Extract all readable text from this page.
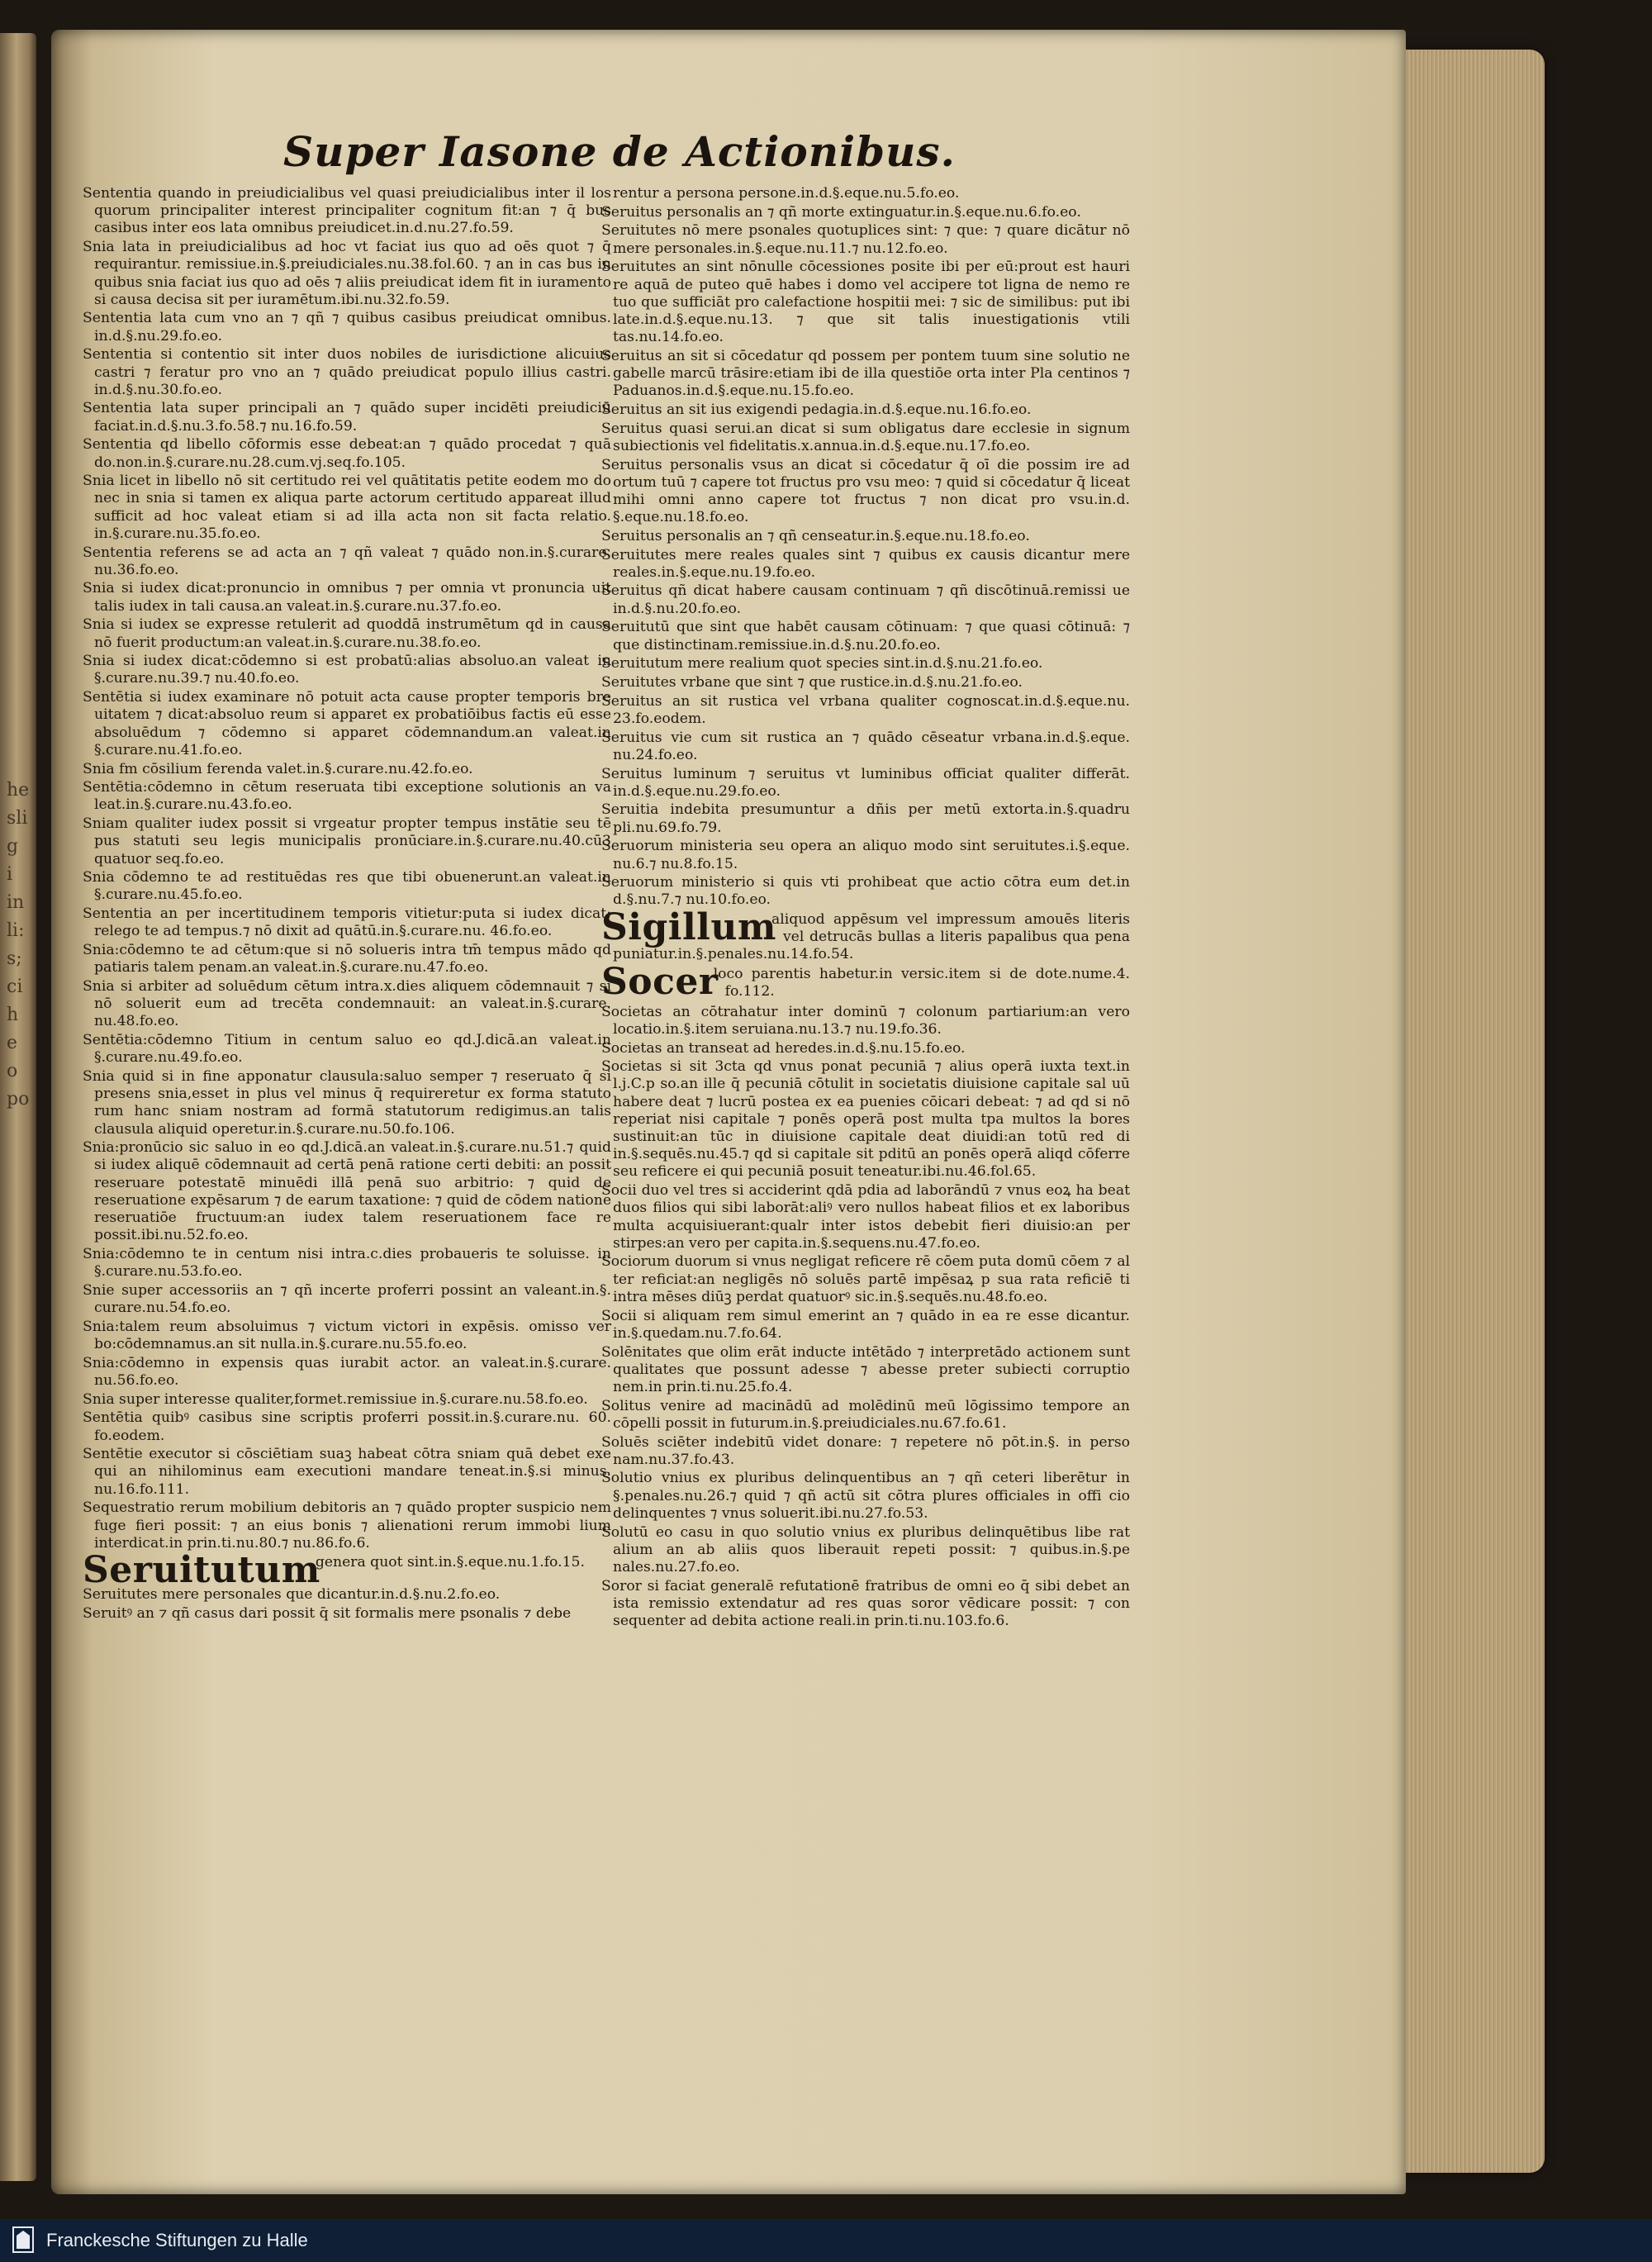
he
sli
g
i
in
li:
s;
ci
h
e
o
po
Super Iasone de Actionibus.
Sententia quando in preiudicialibus vel quasi preiudicialibus inter il los quorum principaliter interest principaliter cognitum fit:an ⁊ q̄ bus casibus inter eos lata omnibus preiudicet.in.d.nu.27.fo.59.
Snia lata in preiudicialibus ad hoc vt faciat ius quo ad oēs quot ⁊ q̄ requirantur. remissiue.in.§.preiudiciales.nu.38.fol.60. ⁊ an in cas bus in quibus snia faciat ius quo ad oēs ⁊ aliis preiudicat idem fit in iuramento si causa decisa sit per iuramētum.ibi.nu.32.fo.59.
Sententia lata cum vno an ⁊ qñ ⁊ quibus casibus preiudicat omnibus. in.d.§.nu.29.fo.eo.
Sententia si contentio sit inter duos nobiles de iurisdictione alicuius castri ⁊ feratur pro vno an ⁊ quādo preiudicat populo illius castri. in.d.§.nu.30.fo.eo.
Sententia lata super principali an ⁊ quādo super incidēti preiudiciū faciat.in.d.§.nu.3.fo.58.⁊ nu.16.fo.59.
Sententia qd libello cōformis esse debeat:an ⁊ quādo procedat ⁊ quā do.non.in.§.curare.nu.28.cum.vj.seq.fo.105.
Snia licet in libello nō sit certitudo rei vel quātitatis petite eodem mo do nec in snia si tamen ex aliqua parte actorum certitudo appareat illud sufficit ad hoc valeat etiam si ad illa acta non sit facta relatio. in.§.curare.nu.35.fo.eo.
Sententia referens se ad acta an ⁊ qñ valeat ⁊ quādo non.in.§.curare. nu.36.fo.eo.
Snia si iudex dicat:pronuncio in omnibus ⁊ per omnia vt pronuncia uit talis iudex in tali causa.an valeat.in.§.curare.nu.37.fo.eo.
Snia si iudex se expresse retulerit ad quoddā instrumētum qd in causa nō fuerit productum:an valeat.in.§.curare.nu.38.fo.eo.
Snia si iudex dicat:cōdemno si est probatū:alias absoluo.an valeat in §.curare.nu.39.⁊ nu.40.fo.eo.
Sentētia si iudex examinare nō potuit acta cause propter temporis bre uitatem ⁊ dicat:absoluo reum si apparet ex probatiōibus factis eū esse absoluēdum ⁊ cōdemno si apparet cōdemnandum.an valeat.in §.curare.nu.41.fo.eo.
Snia fm cōsilium ferenda valet.in.§.curare.nu.42.fo.eo.
Sentētia:cōdemno in cētum reseruata tibi exceptione solutionis an va leat.in.§.curare.nu.43.fo.eo.
Sniam qualiter iudex possit si vrgeatur propter tempus instātie seu tē pus statuti seu legis municipalis pronūciare.in.§.curare.nu.40.cū3 quatuor seq.fo.eo.
Snia cōdemno te ad restituēdas res que tibi obuenerunt.an valeat.in §.curare.nu.45.fo.eo.
Sententia an per incertitudinem temporis vitietur:puta si iudex dicat: relego te ad tempus.⁊ nō dixit ad quātū.in.§.curare.nu. 46.fo.eo.
Snia:cōdemno te ad cētum:que si nō solueris intra tm̄ tempus mādo qd patiaris talem penam.an valeat.in.§.curare.nu.47.fo.eo.
Snia si arbiter ad soluēdum cētum intra.x.dies aliquem cōdemnauit ⁊ si nō soluerit eum ad trecēta condemnauit: an valeat.in.§.curare. nu.48.fo.eo.
Sentētia:cōdemno Titium in centum saluo eo qd.J.dicā.an valeat.in §.curare.nu.49.fo.eo.
Snia quid si in fine apponatur clausula:saluo semper ⁊ reseruato q̄ si presens snia,esset in plus vel minus q̄ requireretur ex forma statuto rum hanc sniam nostram ad formā statutorum redigimus.an talis clausula aliquid operetur.in.§.curare.nu.50.fo.106.
Snia:pronūcio sic saluo in eo qd.J.dicā.an valeat.in.§.curare.nu.51.⁊ quid si iudex aliquē cōdemnauit ad certā penā ratione certi debiti: an possit reseruare potestatē minuēdi illā penā suo arbitrio: ⁊ quid de reseruatione expēsarum ⁊ de earum taxatione: ⁊ quid de cōdem natione reseruatiōe fructuum:an iudex talem reseruationem face re possit.ibi.nu.52.fo.eo.
Snia:cōdemno te in centum nisi intra.c.dies probaueris te soluisse. in §.curare.nu.53.fo.eo.
Snie super accessoriis an ⁊ qñ incerte proferri possint an valeant.in.§. curare.nu.54.fo.eo.
Snia:talem reum absoluimus ⁊ victum victori in expēsis. omisso ver bo:cōdemnamus.an sit nulla.in.§.curare.nu.55.fo.eo.
Snia:cōdemno in expensis quas iurabit actor. an valeat.in.§.curare. nu.56.fo.eo.
Snia super interesse qualiter,formet.remissiue in.§.curare.nu.58.fo.eo.
Sentētia quibꝰ casibus sine scriptis proferri possit.in.§.curare.nu. 60. fo.eodem.
Sentētie executor si cōsciētiam suaꝫ habeat cōtra sniam quā debet exe qui an nihilominus eam executioni mandare teneat.in.§.si minus. nu.16.fo.111.
Sequestratio rerum mobilium debitoris an ⁊ quādo propter suspicio nem fuge fieri possit: ⁊ an eius bonis ⁊ alienationi rerum immobi lium interdicat.in prin.ti.nu.80.⁊ nu.86.fo.6.
Seruitutum
genera quot sint.in.§.eque.nu.1.fo.15.
Seruitutes mere personales que dicantur.in.d.§.nu.2.fo.eo.
Seruitꝰ an ⁊ qñ casus dari possit q̄ sit formalis mere psonalis ⁊ debe
rentur a persona persone.in.d.§.eque.nu.5.fo.eo.
Seruitus personalis an ⁊ qñ morte extinguatur.in.§.eque.nu.6.fo.eo.
Seruitutes nō mere psonales quotuplices sint: ⁊ que: ⁊ quare dicātur nō mere personales.in.§.eque.nu.11.⁊ nu.12.fo.eo.
Seruitutes an sint nōnulle cōcessiones posite ibi per eū:prout est hauri re aquā de puteo quē habes i domo vel accipere tot ligna de nemo re tuo que sufficiāt pro calefactione hospitii mei: ⁊ sic de similibus: put ibi late.in.d.§.eque.nu.13. ⁊ que sit talis inuestigationis vtili tas.nu.14.fo.eo.
Seruitus an sit si cōcedatur qd possem per pontem tuum sine solutio ne gabelle marcū trāsire:etiam ibi de illa questiōe orta inter Pla centinos ⁊ Paduanos.in.d.§.eque.nu.15.fo.eo.
Seruitus an sit ius exigendi pedagia.in.d.§.eque.nu.16.fo.eo.
Seruitus quasi serui.an dicat si sum obligatus dare ecclesie in signum subiectionis vel fidelitatis.x.annua.in.d.§.eque.nu.17.fo.eo.
Seruitus personalis vsus an dicat si cōcedatur q̄ oī die possim ire ad ortum tuū ⁊ capere tot fructus pro vsu meo: ⁊ quid si cōcedatur q̄ liceat mihi omni anno capere tot fructus ⁊ non dicat pro vsu.in.d. §.eque.nu.18.fo.eo.
Seruitus personalis an ⁊ qñ censeatur.in.§.eque.nu.18.fo.eo.
Seruitutes mere reales quales sint ⁊ quibus ex causis dicantur mere reales.in.§.eque.nu.19.fo.eo.
Seruitus qñ dicat habere causam continuam ⁊ qñ discōtinuā.remissi ue in.d.§.nu.20.fo.eo.
Seruitutū que sint que habēt causam cōtinuam: ⁊ que quasi cōtinuā: ⁊ que distinctinam.remissiue.in.d.§.nu.20.fo.eo.
Seruitutum mere realium quot species sint.in.d.§.nu.21.fo.eo.
Seruitutes vrbane que sint ⁊ que rustice.in.d.§.nu.21.fo.eo.
Seruitus an sit rustica vel vrbana qualiter cognoscat.in.d.§.eque.nu. 23.fo.eodem.
Seruitus vie cum sit rustica an ⁊ quādo cēseatur vrbana.in.d.§.eque. nu.24.fo.eo.
Seruitus luminum ⁊ seruitus vt luminibus officiat qualiter differāt. in.d.§.eque.nu.29.fo.eo.
Seruitia indebita presumuntur a dñis per metū extorta.in.§.quadru pli.nu.69.fo.79.
Seruorum ministeria seu opera an aliquo modo sint seruitutes.i.§.eque. nu.6.⁊ nu.8.fo.15.
Seruorum ministerio si quis vti prohibeat que actio cōtra eum det.in d.§.nu.7.⁊ nu.10.fo.eo.
Sigillum
aliquod appēsum vel impressum amouēs literis vel detrucās bullas a literis papalibus qua pena puniatur.in.§.penales.nu.14.fo.54.
Socer
loco parentis habetur.in versic.item si de dote.nume.4. fo.112.
Societas an cōtrahatur inter dominū ⁊ colonum partiarium:an vero locatio.in.§.item seruiana.nu.13.⁊ nu.19.fo.36.
Societas an transeat ad heredes.in.d.§.nu.15.fo.eo.
Societas si sit 3cta qd vnus ponat pecuniā ⁊ alius operā iuxta text.in l.j.C.p so.an ille q̄ pecuniā cōtulit in societatis diuisione capitale sal uū habere deat ⁊ lucrū postea ex ea puenies cōicari debeat: ⁊ ad qd si nō reperiat nisi capitale ⁊ ponēs operā post multa tpa multos la bores sustinuit:an tūc in diuisione capitale deat diuidi:an totū red di in.§.sequēs.nu.45.⁊ qd si capitale sit pditū an ponēs operā aliqd cōferre seu reficere ei qui pecuniā posuit teneatur.ibi.nu.46.fol.65.
Socii duo vel tres si acciderint qdā pdia ad laborāndū ⁊ vnus eoꝝ ha beat duos filios qui sibi laborāt:aliꝰ vero nullos habeat filios et ex laboribus multa acquisiuerant:qualr inter istos debebit fieri diuisio:an per stirpes:an vero per capita.in.§.sequens.nu.47.fo.eo.
Sociorum duorum si vnus negligat reficere rē cōem puta domū cōem ⁊ al ter reficiat:an negligēs nō soluēs partē impēsaꝝ p sua rata reficiē ti intra mēses diūꝫ perdat quatuorꝰ sic.in.§.sequēs.nu.48.fo.eo.
Socii si aliquam rem simul emerint an ⁊ quādo in ea re esse dicantur. in.§.quedam.nu.7.fo.64.
Solēnitates que olim erāt inducte intētādo ⁊ interpretādo actionem sunt qualitates que possunt adesse ⁊ abesse preter subiecti corruptio nem.in prin.ti.nu.25.fo.4.
Solitus venire ad macinādū ad molēdinū meū lōgissimo tempore an cōpelli possit in futurum.in.§.preiudiciales.nu.67.fo.61.
Soluēs sciēter indebitū videt donare: ⁊ repetere nō pōt.in.§. in perso nam.nu.37.fo.43.
Solutio vnius ex pluribus delinquentibus an ⁊ qñ ceteri liberētur in §.penales.nu.26.⁊ quid ⁊ qñ actū sit cōtra plures officiales in offi cio delinquentes ⁊ vnus soluerit.ibi.nu.27.fo.53.
Solutū eo casu in quo solutio vnius ex pluribus delinquētibus libe rat alium an ab aliis quos liberauit repeti possit: ⁊ quibus.in.§.pe nales.nu.27.fo.eo.
Soror si faciat generalē refutationē fratribus de omni eo q̄ sibi debet an ista remissio extendatur ad res quas soror vēdicare possit: ⁊ con sequenter ad debita actione reali.in prin.ti.nu.103.fo.6.
Franckesche Stiftungen zu Halle
